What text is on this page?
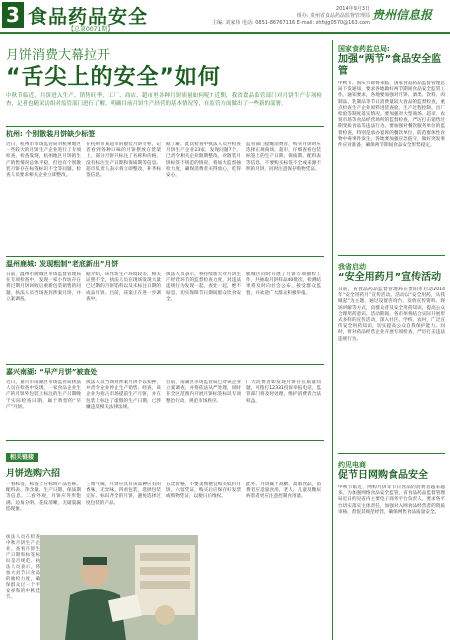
3 食品药品安全
【总第0071期】
2014年9月3日
组办: 贵州省食品药品监督管理局
主编: 刘家伟 电话: 0851-86767116 E-mail: zhfsjg0570@163.com
贵州信息报
月饼消费大幕拉开
“舌尖上的安全”如何
中秋节临近，月饼进入生产、销售旺季，工厂、商店、超市里各种月饼质量如何呢? 近期，我省食品监管部门对月饼生产专项检查，记者也随采访组对监管部门进行了解，明确目前月饼生产经营的基本情况等，在监管方面做出了一些新的部署。
杭州: 个别散装月饼缺少标签
近日，杭州市市场监管局对杭州地区一些较大的月饼生产企业进行了专项检查，检查发现，杭州地区月饼的生产销售情况总体平稳，但也有个别散装月饼存在标签标识不全等问题。检查人员要求相关企业立即整改。
在杭州市某超市的散装月饼专柜，记者看到各种口味的月饼摆放在货架上，部分月饼只标注了名称和价格，没有标注生产日期和保质期等信息。超市负责人表示将立即整改，补齐标签信息。
据了解，此次检查中执法人员共检查月饼生产企业23家，发现问题7个，已责令相关企业限期整改。对散装月饼标签不规范的情况，将加大监督抽检力度，确保消费者买得放心、吃得安心。
监管部门提醒消费者，购买月饼时应选择正规商场、超市，仔细查看包装标签上的生产日期、保质期、配料表等信息，不要购买标签不全或来源不明的月饼，同时注意保存购物凭证。
温州鹿城: 发现粗制“老底新出”月饼
日前，温州市鹿城区市场监督管理局在专项检查中，发现一家小作坊存在将过期月饼回收后重新包装销售的问题，执法人员当场查封涉案月饼，并立案调查。
据介绍，该作坊生产环境较差，相关证照不全，执法人员在现场发现大量已过期的月饼馅料以及未标注日期的成品月饼。目前，该案正在进一步调查中。
执法人员表示，将持续加大对月饼生产经营环节的监督检查力度，对违法违规行为发现一起、查处一起，绝不姑息，切实保障节日期间群众饮食安全。
鹿城区同时开展了月饼专项抽检工作，共抽取月饼样品40批次，检测结果将及时向社会公布，接受群众监督，并欢迎广大群众积极举报。
嘉兴南湖: “早产月饼”被查处
近日，嘉兴市南湖区市场监管局执法人员在检查中发现，一家食品企业生产的月饼外包装上标注的生产日期晚于实际检查日期，属于典型的“早产”月饼。
执法人员当场对涉案月饼予以扣押，并责令企业停止生产销售。经查，该企业为抢占市场提前生产月饼，并在包装上标注了虚假的生产日期，已涉嫌违反相关法律法规。
目前，南湖区市场监管局已对该企业立案调查，并将依法从严处理，同时在全区范围内开展月饼标签标识专项整治行动，规范市场秩序。
广大消费者如发现月饼存在质量问题，可拨打12331投诉举报电话，监管部门将及时处理，维护消费者合法权益。
相关链接
月饼选购六招
一看标签，标签上应标明产品名称、配料表、净含量、生产日期、保质期等信息。二看外观，月饼应外形饱满、边角分明、花纹清晰，无破裂漏馅现象。
三闻气味，月饼应具有该品种应有的香味，无异味。四看包装，选择包装完好、标识齐全的月饼，避免选择过度包装的产品。
五比价格，不要贪图便宜购买低价月饼。六留凭证，购买后应保存好发票或购物凭证，以便日后维权。
此外，月饼属于高糖、高脂食品，消费者应适量食用，老人、儿童及糖尿病患者更应注意控制食用量。
执法人员在检查中秋月饼生产企业，查看月饼生产日期和标签标识是否规范。执法人员表示，将加大对节日食品的抽检力度，确保群众过一个平安祥和的中秋佳节。
国家食药监总局:
加强“两节”食品安全监管
中秋节、国庆节即将来临，国家食品药品监督管理总局下发通知，要求各地做好两节期间食品安全监管工作。通知要求，各地要加强对月饼、酒类、饮料、肉制品、乳制品等节日消费量较大食品的监督检查，重点检查生产企业原料进货查验、生产过程控制、出厂检验等制度落实情况。要加强对大型商场、超市、农贸市场等食品经营场所的监督检查，严厉打击销售过期变质食品等违法行为。要加强对餐饮服务单位的监督检查，特别是承办宴席的餐饮单位，防范群体性食物中毒事件发生。各地要加强应急值守，做好突发事件应对准备，确保两节期间食品安全形势稳定。
我省启动
“安全用药月”宣传活动
日前，省食品药品监督管理局在贵阳市启动2014年“安全用药月”宣传活动。活动以“安全用药，从我做起”为主题，通过设置咨询台、发放宣传资料、现场讲解等方式，向群众普及安全用药知识，提高公众合理用药意识。活动期间，各市州将结合实际开展形式多样的宣传活动，深入社区、学校、农村，广泛宣传安全用药知识，切实提高公众自我保护能力。同时，将对药品经营企业开展专项检查，严厉打击违法违规行为。
约见电商
促节日网购食品安全
中秋节临近，网购月饼等节日食品的消费者越来越多。为加强网络食品安全监管，省食品药品监督管理局近日约见省内主要电子商务平台负责人，要求各平台切实落实主体责任，加强对入网食品经营者的资质审核，督促其规范经营，确保网售食品质量安全。
